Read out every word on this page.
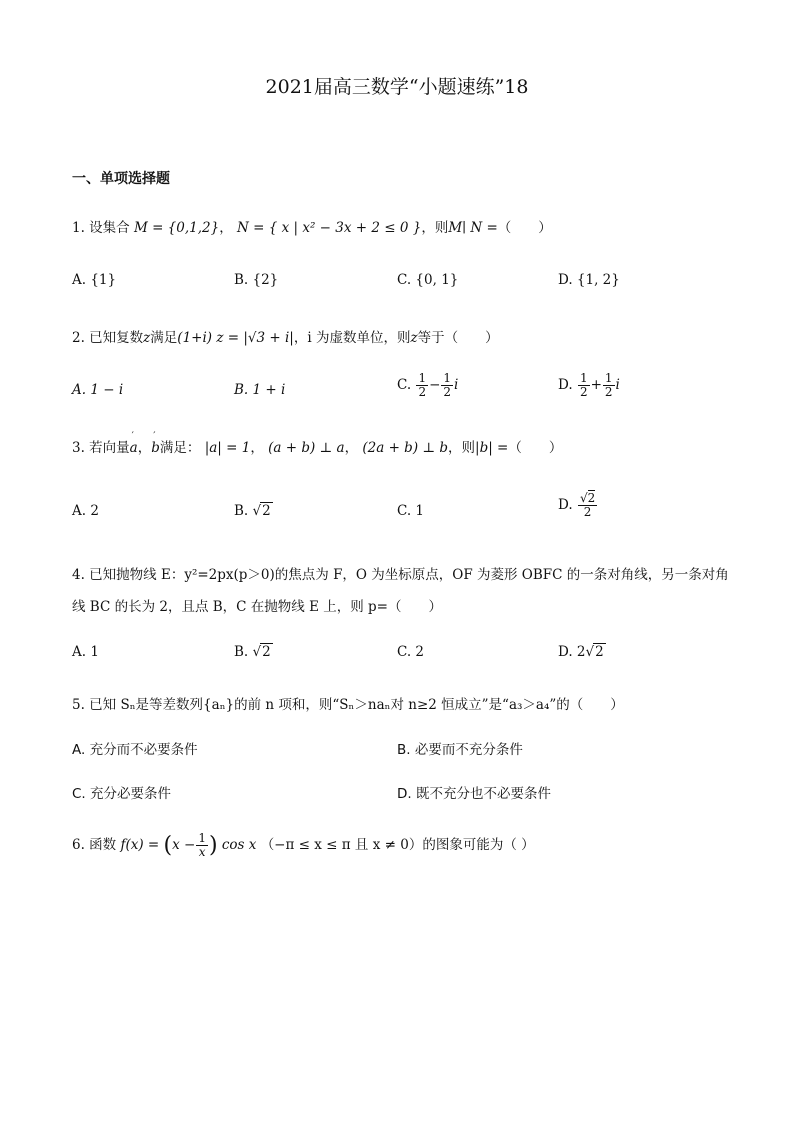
2021届高三数学“小题速练”18
一、单项选择题
1. 设集合 M = {0,1,2}， N = { x | x² − 3x + 2 ≤ 0 }，则M∣ N =（　　）
A. {1}	B. {2}	C. {0, 1}	D. {1, 2}
2. 已知复数z满足(1+i) z = |√3 + i|，i 为虚数单位，则z等于（　　）
A. 1 − i	B. 1 + i	C. $\frac{1}{2} - \frac{1}{2}$ i	D. $\frac{1}{2} + \frac{1}{2}$ i
3. 若向量′ a，′ b满足： |a| = 1， (a + b) ⊥ a， (2a + b) ⊥ b，则|b| =（　　）
A. 2	B. √2	C. 1	D. $\frac{√2}{2}$
4. 已知抛物线 E：y²=2px(p＞0)的焦点为 F，O 为坐标原点，OF 为菱形 OBFC 的一条对角线，另一条对角
线 BC 的长为 2，且点 B，C 在抛物线 E 上，则 p=（　　）
A. 1	B. √2	C. 2	D. 2√2
5. 已知 Sₙ是等差数列{aₙ}的前 n 项和，则“Sₙ＞naₙ对 n≥2 恒成立”是“a₃＞a₄”的（　　）
A. 充分而不必要条件	B. 必要而不充分条件
C. 充分必要条件	D. 既不充分也不必要条件
6. 函数 $f(x) = (x - \frac{1}{x}$ ) cos x （−π ≤ x ≤ π 且 x ≠ 0）的图象可能为（ ）
